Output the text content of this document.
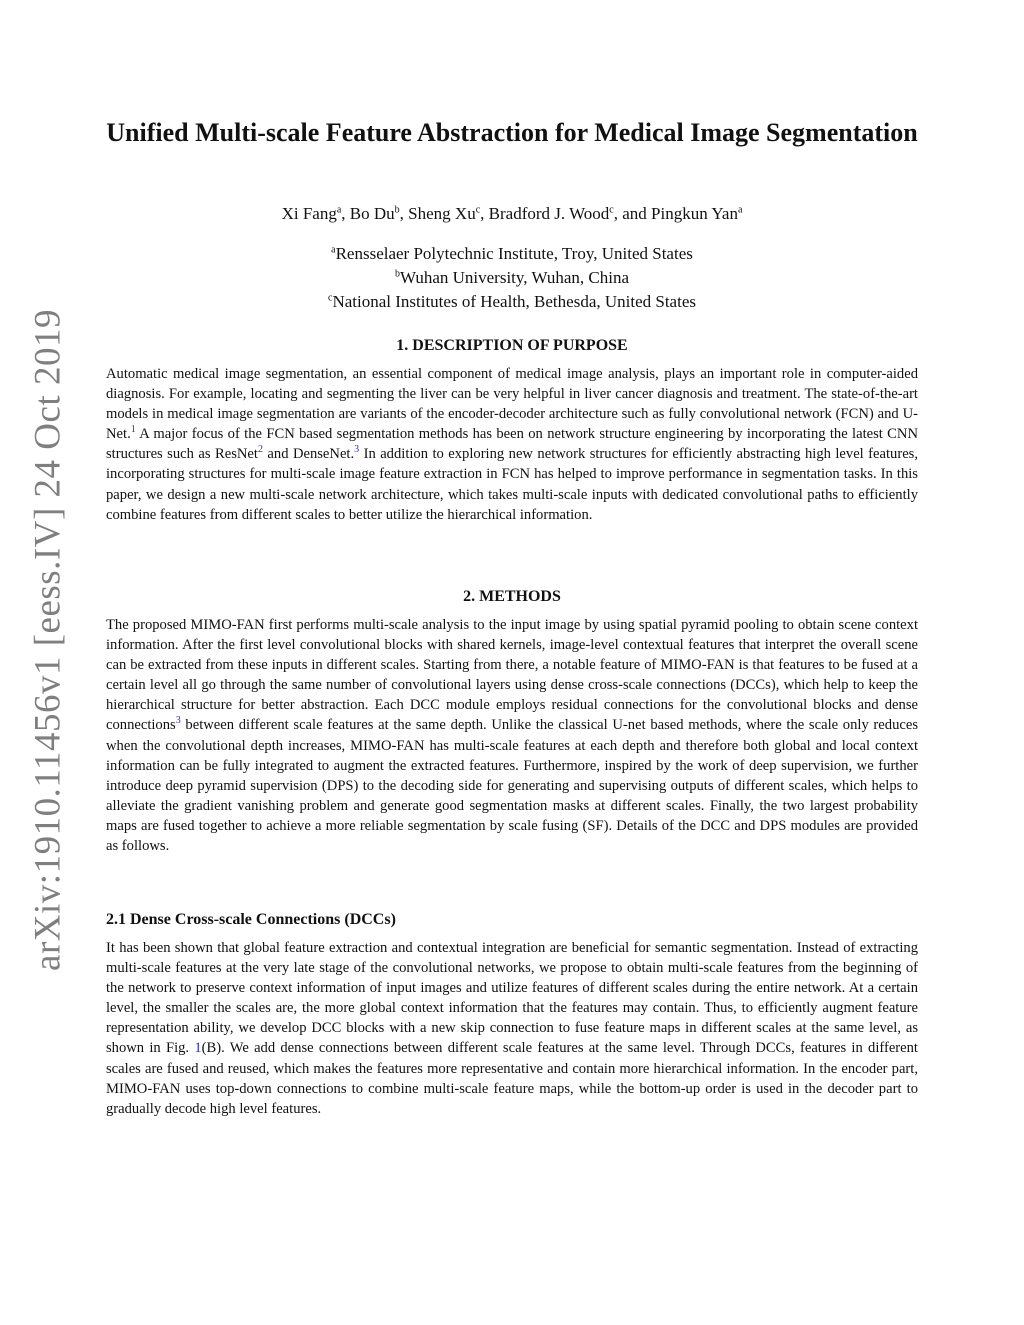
arXiv:1910.11456v1 [eess.IV] 24 Oct 2019
Unified Multi-scale Feature Abstraction for Medical Image Segmentation
Xi Fang$^a$, Bo Du$^b$, Sheng Xu$^c$, Bradford J. Wood$^c$, and Pingkun Yan$^a$
$^a$Rensselaer Polytechnic Institute, Troy, United States
$^b$Wuhan University, Wuhan, China
$^c$National Institutes of Health, Bethesda, United States
1. DESCRIPTION OF PURPOSE
Automatic medical image segmentation, an essential component of medical image analysis, plays an important role in computer-aided diagnosis. For example, locating and segmenting the liver can be very helpful in liver cancer diagnosis and treatment. The state-of-the-art models in medical image segmentation are variants of the encoder-decoder architecture such as fully convolutional network (FCN) and U-Net.$^1$ A major focus of the FCN based segmentation methods has been on network structure engineering by incorporating the latest CNN structures such as ResNet$^2$ and DenseNet.$^3$ In addition to exploring new network structures for efficiently abstracting high level features, incorporating structures for multi-scale image feature extraction in FCN has helped to improve performance in segmentation tasks. In this paper, we design a new multi-scale network architecture, which takes multi-scale inputs with dedicated convolutional paths to efficiently combine features from different scales to better utilize the hierarchical information.
2. METHODS
The proposed MIMO-FAN first performs multi-scale analysis to the input image by using spatial pyramid pooling to obtain scene context information. After the first level convolutional blocks with shared kernels, image-level contextual features that interpret the overall scene can be extracted from these inputs in different scales. Starting from there, a notable feature of MIMO-FAN is that features to be fused at a certain level all go through the same number of convolutional layers using dense cross-scale connections (DCCs), which help to keep the hierarchical structure for better abstraction. Each DCC module employs residual connections for the convolutional blocks and dense connections$^3$ between different scale features at the same depth. Unlike the classical U-net based methods, where the scale only reduces when the convolutional depth increases, MIMO-FAN has multi-scale features at each depth and therefore both global and local context information can be fully integrated to augment the extracted features. Furthermore, inspired by the work of deep supervision, we further introduce deep pyramid supervision (DPS) to the decoding side for generating and supervising outputs of different scales, which helps to alleviate the gradient vanishing problem and generate good segmentation masks at different scales. Finally, the two largest probability maps are fused together to achieve a more reliable segmentation by scale fusing (SF). Details of the DCC and DPS modules are provided as follows.
2.1 Dense Cross-scale Connections (DCCs)
It has been shown that global feature extraction and contextual integration are beneficial for semantic segmentation. Instead of extracting multi-scale features at the very late stage of the convolutional networks, we propose to obtain multi-scale features from the beginning of the network to preserve context information of input images and utilize features of different scales during the entire network. At a certain level, the smaller the scales are, the more global context information that the features may contain. Thus, to efficiently augment feature representation ability, we develop DCC blocks with a new skip connection to fuse feature maps in different scales at the same level, as shown in Fig. 1(B). We add dense connections between different scale features at the same level. Through DCCs, features in different scales are fused and reused, which makes the features more representative and contain more hierarchical information. In the encoder part, MIMO-FAN uses top-down connections to combine multi-scale feature maps, while the bottom-up order is used in the decoder part to gradually decode high level features.
